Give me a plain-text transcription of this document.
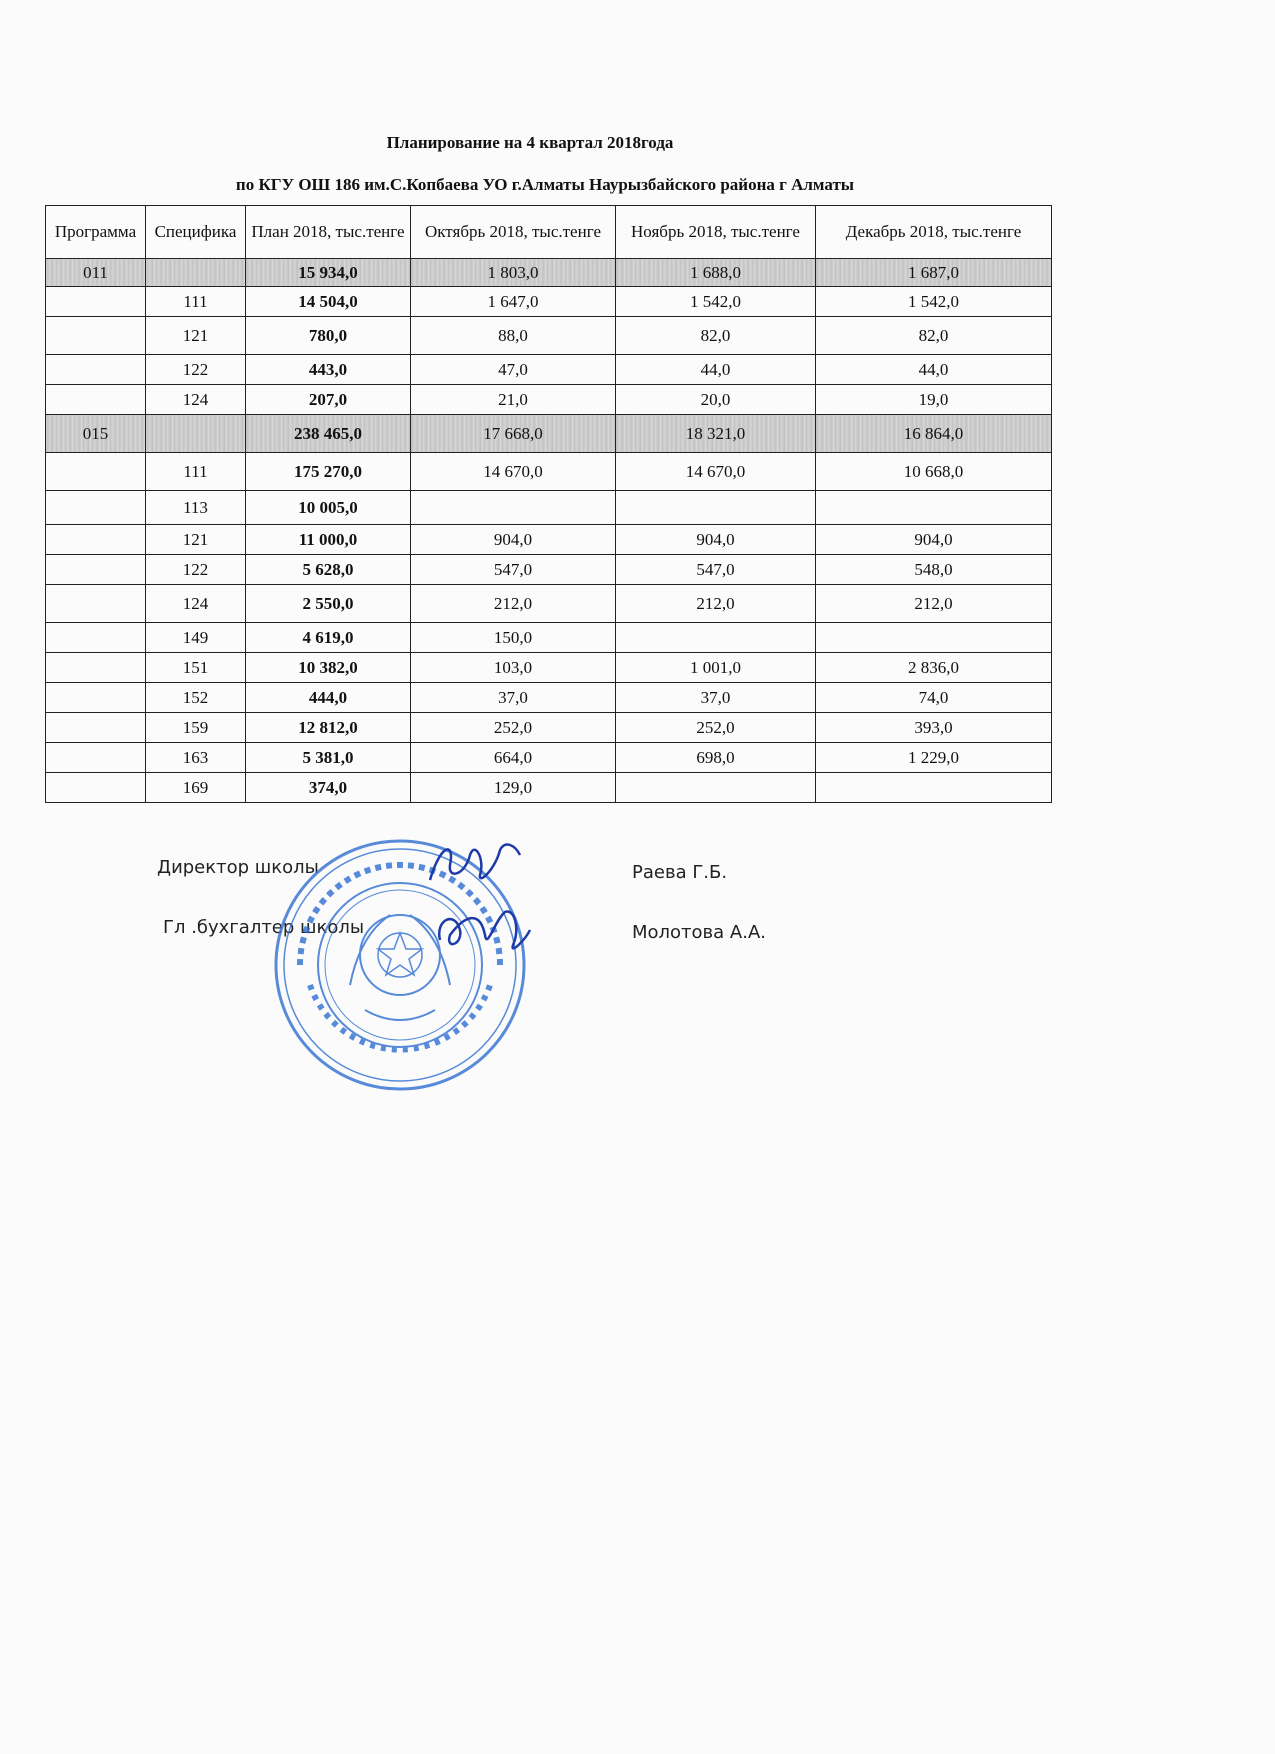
Планирование на 4 квартал 2018года
по КГУ ОШ 186 им.С.Копбаева УО г.Алматы Наурызбайского района г Алматы
Программа	Специфика	План 2018, тыс.тенге	Октябрь 2018, тыс.тенге	Ноябрь 2018, тыс.тенге	Декабрь 2018, тыс.тенге
011		15 934,0	1 803,0	1 688,0	1 687,0
	111	14 504,0	1 647,0	1 542,0	1 542,0
	121	780,0	88,0	82,0	82,0
	122	443,0	47,0	44,0	44,0
	124	207,0	21,0	20,0	19,0
015		238 465,0	17 668,0	18 321,0	16 864,0
	111	175 270,0	14 670,0	14 670,0	10 668,0
	113	10 005,0			
	121	11 000,0	904,0	904,0	904,0
	122	5 628,0	547,0	547,0	548,0
	124	2 550,0	212,0	212,0	212,0
	149	4 619,0	150,0		
	151	10 382,0	103,0	1 001,0	2 836,0
	152	444,0	37,0	37,0	74,0
	159	12 812,0	252,0	252,0	393,0
	163	5 381,0	664,0	698,0	1 229,0
	169	374,0	129,0		
Директор школы
Гл .бухгалтер школы
Раева Г.Б.
Молотова А.А.
